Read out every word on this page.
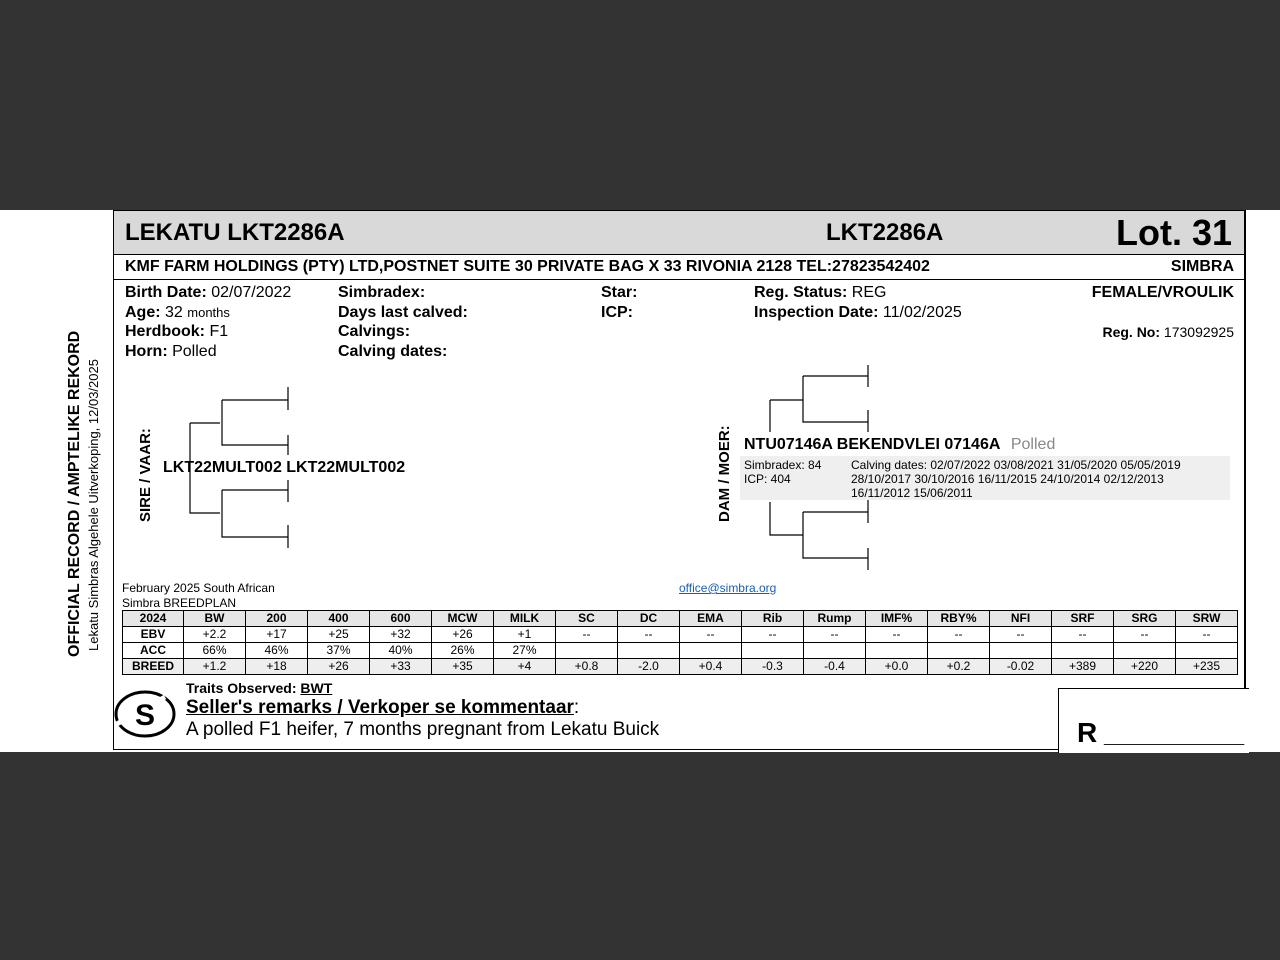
OFFICIAL RECORD / AMPTELIKE REKORD Lekatu Simbras Algehele Uitverkoping, 12/03/2025
LEKATU LKT2286A	LKT2286A	Lot. 31
KMF FARM HOLDINGS (PTY) LTD,POSTNET SUITE 30 PRIVATE BAG X 33 RIVONIA 2128 TEL:27823542402	SIMBRA
Birth Date: 02/07/2022
Age: 32 months
Herdbook: F1
Horn: Polled
Simbradex:
Days last calved:
Calvings:
Calving dates:
Star:
ICP:
Reg. Status: REG
Inspection Date: 11/02/2025
FEMALE/VROULIK
Reg. No: 173092925
SIRE / VAAR: LKT22MULT002 LKT22MULT002	DAM / MOER: NTU07146A BEKENDVLEI 07146A Polled
Simbradex: 84
ICP: 404
Calving dates: 02/07/2022 03/08/2021 31/05/2020 05/05/2019
28/10/2017 30/10/2016 16/11/2015 24/10/2014 02/12/2013
16/11/2012 15/06/2011
February 2025 South African
Simbra BREEDPLAN
office@simbra.org
2024	BW	200	400	600	MCW	MILK	SC	DC	EMA	Rib	Rump	IMF%	RBY%	NFI	SRF	SRG	SRW
EBV	+2.2	+17	+25	+32	+26	+1	--	--	--	--	--	--	--	--	--	--	--
ACC	66%	46%	37%	40%	26%	27%											
BREED	+1.2	+18	+26	+33	+35	+4	+0.8	-2.0	+0.4	-0.3	-0.4	+0.0	+0.2	-0.02	+389	+220	+235
S
Traits Observed: BWT
Seller's remarks / Verkoper se kommentaar:
A polled F1 heifer, 7 months pregnant from Lekatu Buick	R __________________
